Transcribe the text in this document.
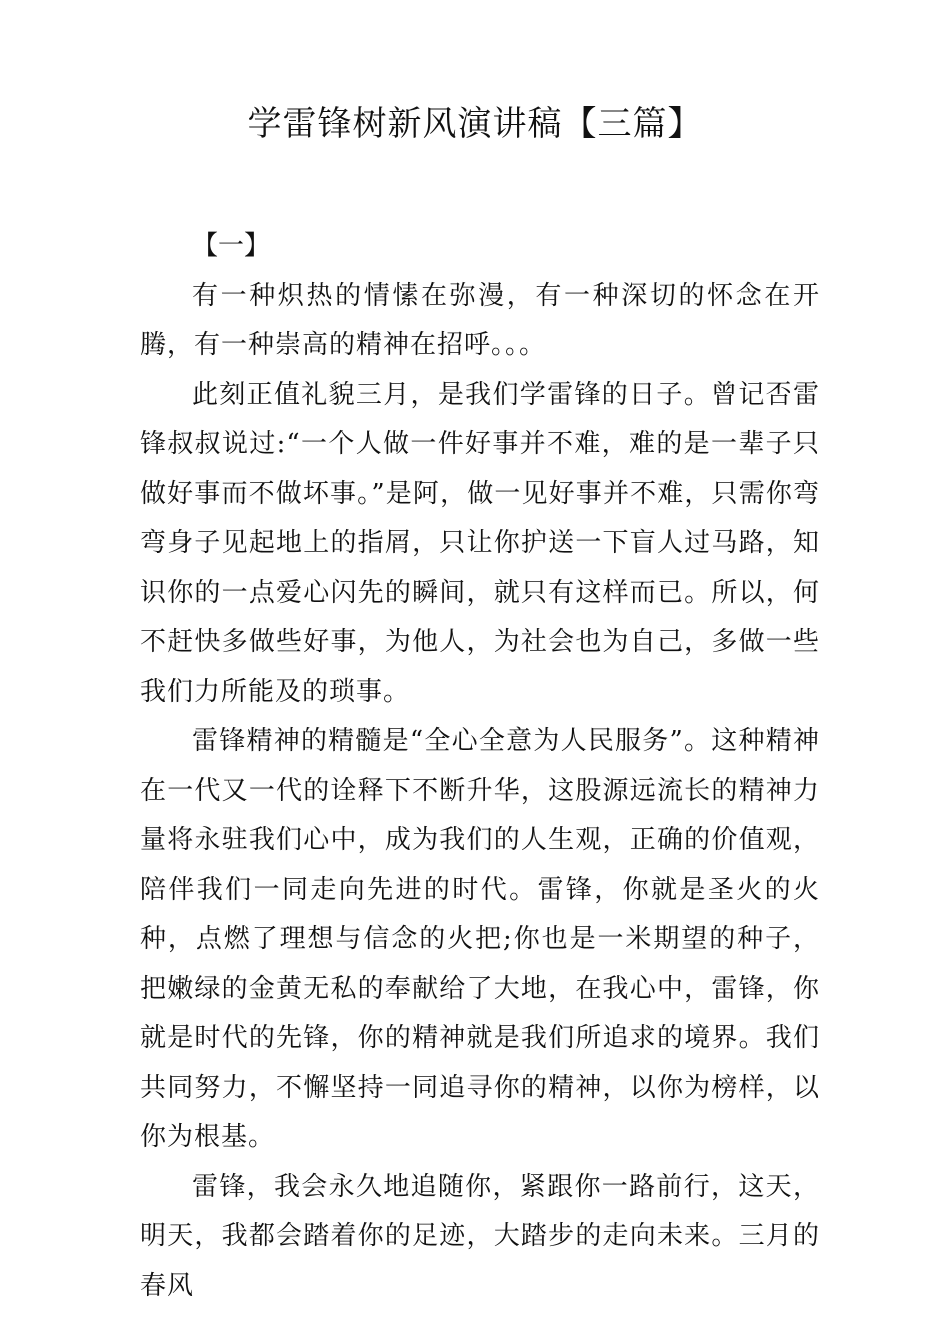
学雷锋树新风演讲稿【三篇】

【一】

有一种炽热的情愫在弥漫，有一种深切的怀念在开腾，有一种崇高的精神在招呼。。。

此刻正值礼貌三月，是我们学雷锋的日子。曾记否雷锋叔叔说过:“一个人做一件好事并不难，难的是一辈子只做好事而不做坏事。”是阿，做一见好事并不难，只需你弯弯身子见起地上的指屑，只让你护送一下盲人过马路，知识你的一点爱心闪先的瞬间，就只有这样而已。所以，何不赶快多做些好事，为他人，为社会也为自己，多做一些我们力所能及的琐事。

雷锋精神的精髓是“全心全意为人民服务”。这种精神在一代又一代的诠释下不断升华，这股源远流长的精神力量将永驻我们心中，成为我们的人生观，正确的价值观，陪伴我们一同走向先进的时代。雷锋，你就是圣火的火种，点燃了理想与信念的火把;你也是一米期望的种子，把嫩绿的金黄无私的奉献给了大地，在我心中，雷锋，你就是时代的先锋，你的精神就是我们所追求的境界。我们共同努力，不懈坚持一同追寻你的精神，以你为榜样，以你为根基。

雷锋，我会永久地追随你，紧跟你一路前行，这天，明天，我都会踏着你的足迹，大踏步的走向未来。三月的春风
